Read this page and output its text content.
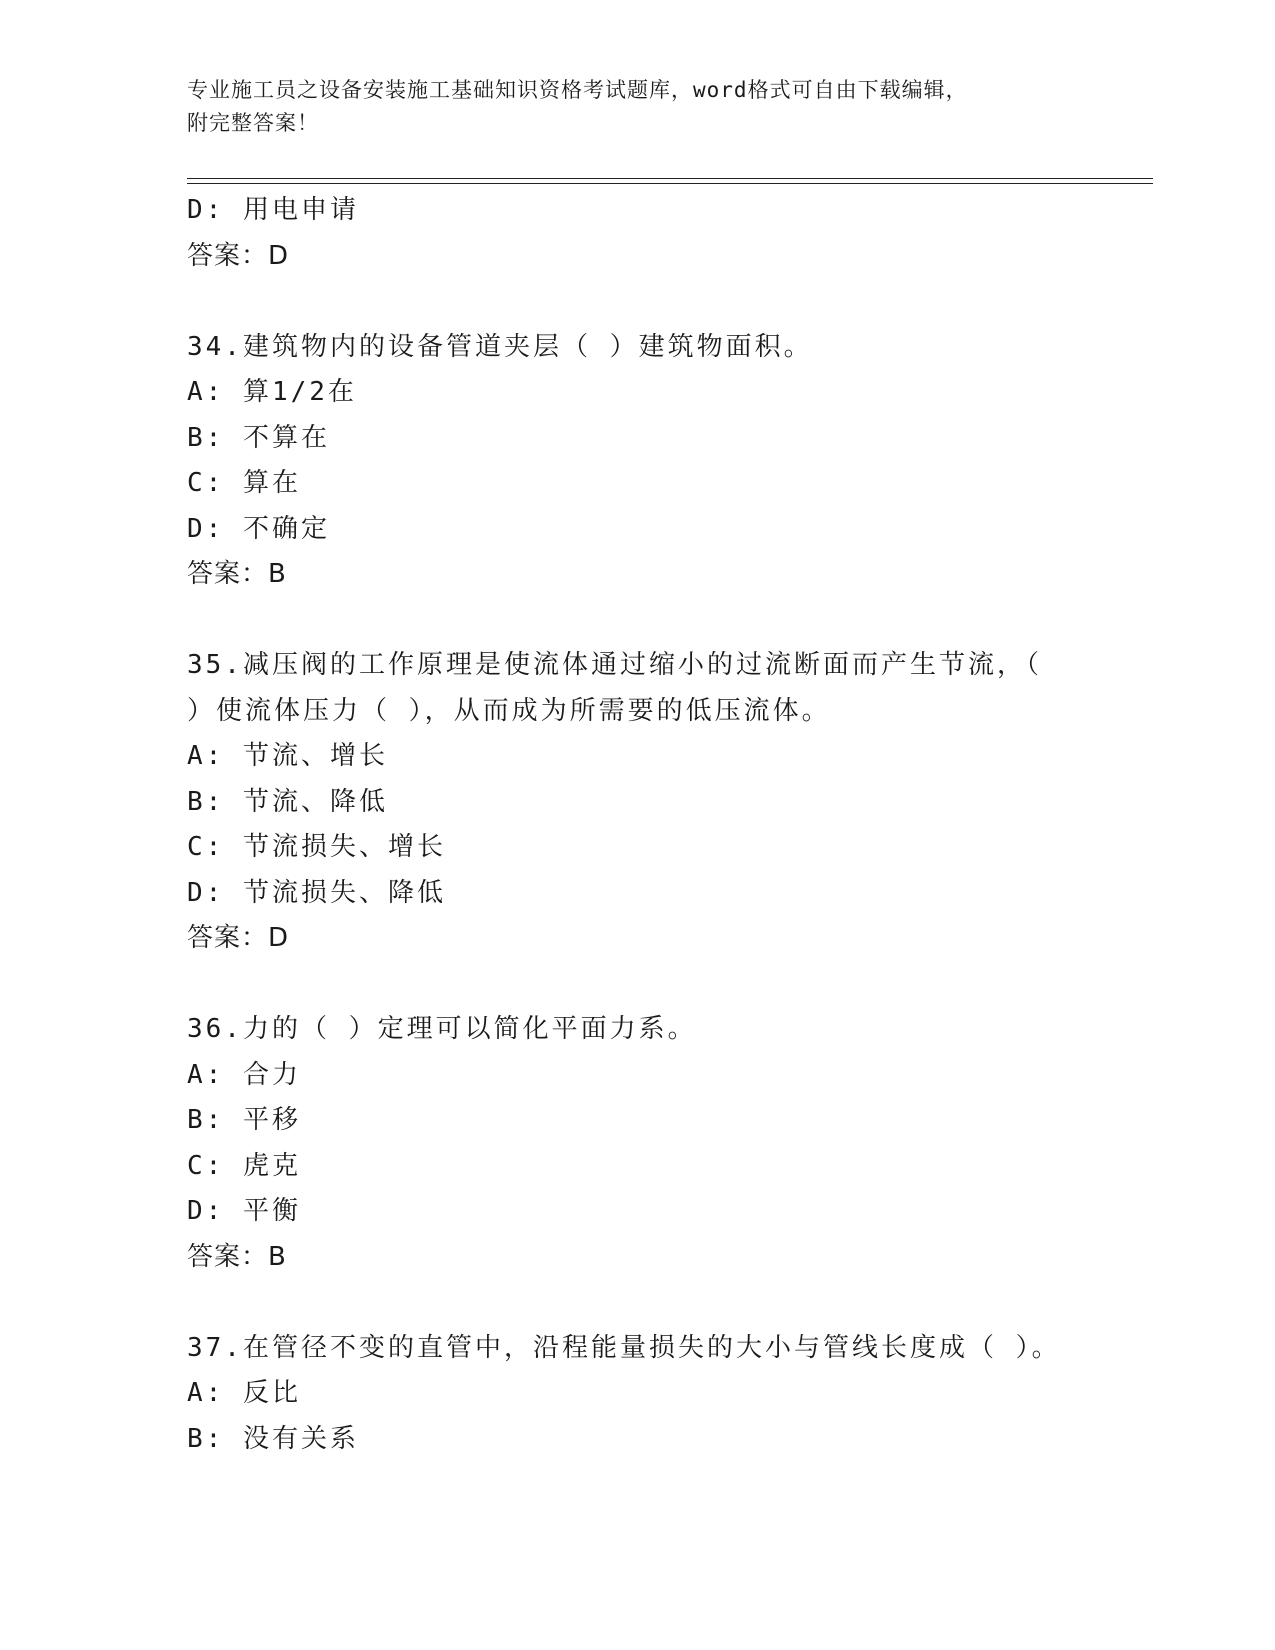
专业施工员之设备安装施工基础知识资格考试题库，word格式可自由下载编辑，
附完整答案！
D: 用电申请
答案：D
34.建筑物内的设备管道夹层（ ）建筑物面积。
A: 算1/2在
B: 不算在
C: 算在
D: 不确定
答案：B
35.减压阀的工作原理是使流体通过缩小的过流断面而产生节流，（
）使流体压力（ ），从而成为所需要的低压流体。
A: 节流、增长
B: 节流、降低
C: 节流损失、增长
D: 节流损失、降低
答案：D
36.力的（ ）定理可以简化平面力系。
A: 合力
B: 平移
C: 虎克
D: 平衡
答案：B
37.在管径不变的直管中，沿程能量损失的大小与管线长度成（ ）。
A: 反比
B: 没有关系
